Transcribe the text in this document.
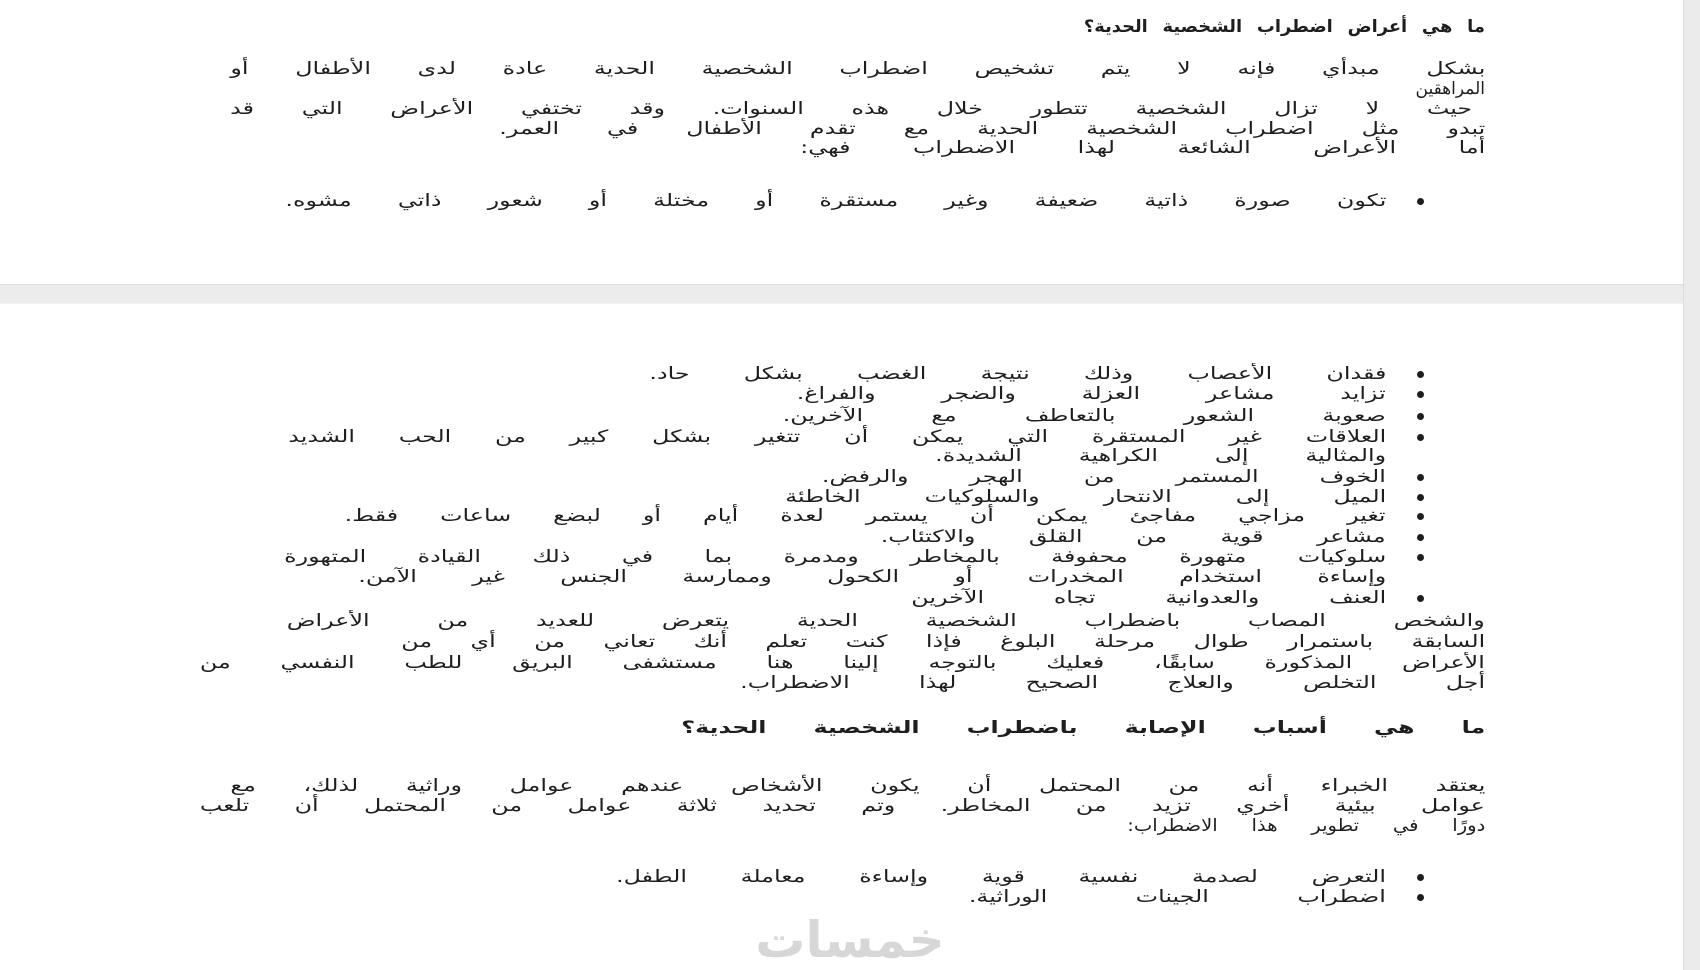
ما هي أعراض اضطراب الشخصية الحدية؟
بشكل مبدأي فإنه لا يتم تشخيص اضطراب الشخصية الحدية عادة لدى الأطفال أو
المراهقين
حيث لا تزال الشخصية تتطور خلال هذه السنوات. وقد تختفي الأعراض التي قد
تبدو مثل اضطراب الشخصية الحدية مع تقدم الأطفال في العمر.
أما الأعراض الشائعة لهذا الاضطراب فهي:
تكون صورة ذاتية ضعيفة وغير مستقرة أو مختلة أو شعور ذاتي مشوه.
فقدان الأعصاب وذلك نتيجة الغضب بشكل حاد.
تزايد مشاعر العزلة والضجر والفراغ.
صعوبة الشعور بالتعاطف مع الآخرين.
العلاقات غير المستقرة التي يمكن أن تتغير بشكل كبير من الحب الشديد
والمثالية إلى الكراهية الشديدة.
الخوف المستمر من الهجر والرفض.
الميل إلى الانتحار والسلوكيات الخاطئة
تغير مزاجي مفاجئ يمكن أن يستمر لعدة أيام أو لبضع ساعات فقط.
مشاعر قوية من القلق والاكتئاب.
سلوكيات متهورة محفوفة بالمخاطر ومدمرة بما في ذلك القيادة المتهورة
وإساءة استخدام المخدرات أو الكحول وممارسة الجنس غير الآمن.
العنف والعدوانية تجاه الآخرين
والشخص المصاب باضطراب الشخصية الحدية يتعرض للعديد من الأعراض
السابقة باستمرار طوال مرحلة البلوغ فإذا كنت تعلم أنك تعاني من أي من
الأعراض المذكورة سابقًا، فعليك بالتوجه إلينا هنا مستشفى البريق للطب النفسي من
أجل التخلص والعلاج الصحيح لهذا الاضطراب.
ما هي أسباب الإصابة باضطراب الشخصية الحدية؟
يعتقد الخبراء أنه من المحتمل أن يكون الأشخاص عندهم عوامل وراثية لذلك، مع
عوامل بيئية أخري تزيد من المخاطر. وتم تحديد ثلاثة عوامل من المحتمل أن تلعب
دورًا في تطوير هذا الاضطراب:
التعرض لصدمة نفسية قوية وإساءة معاملة الطفل.
اضطراب الجينات الوراثية.
خمسات
